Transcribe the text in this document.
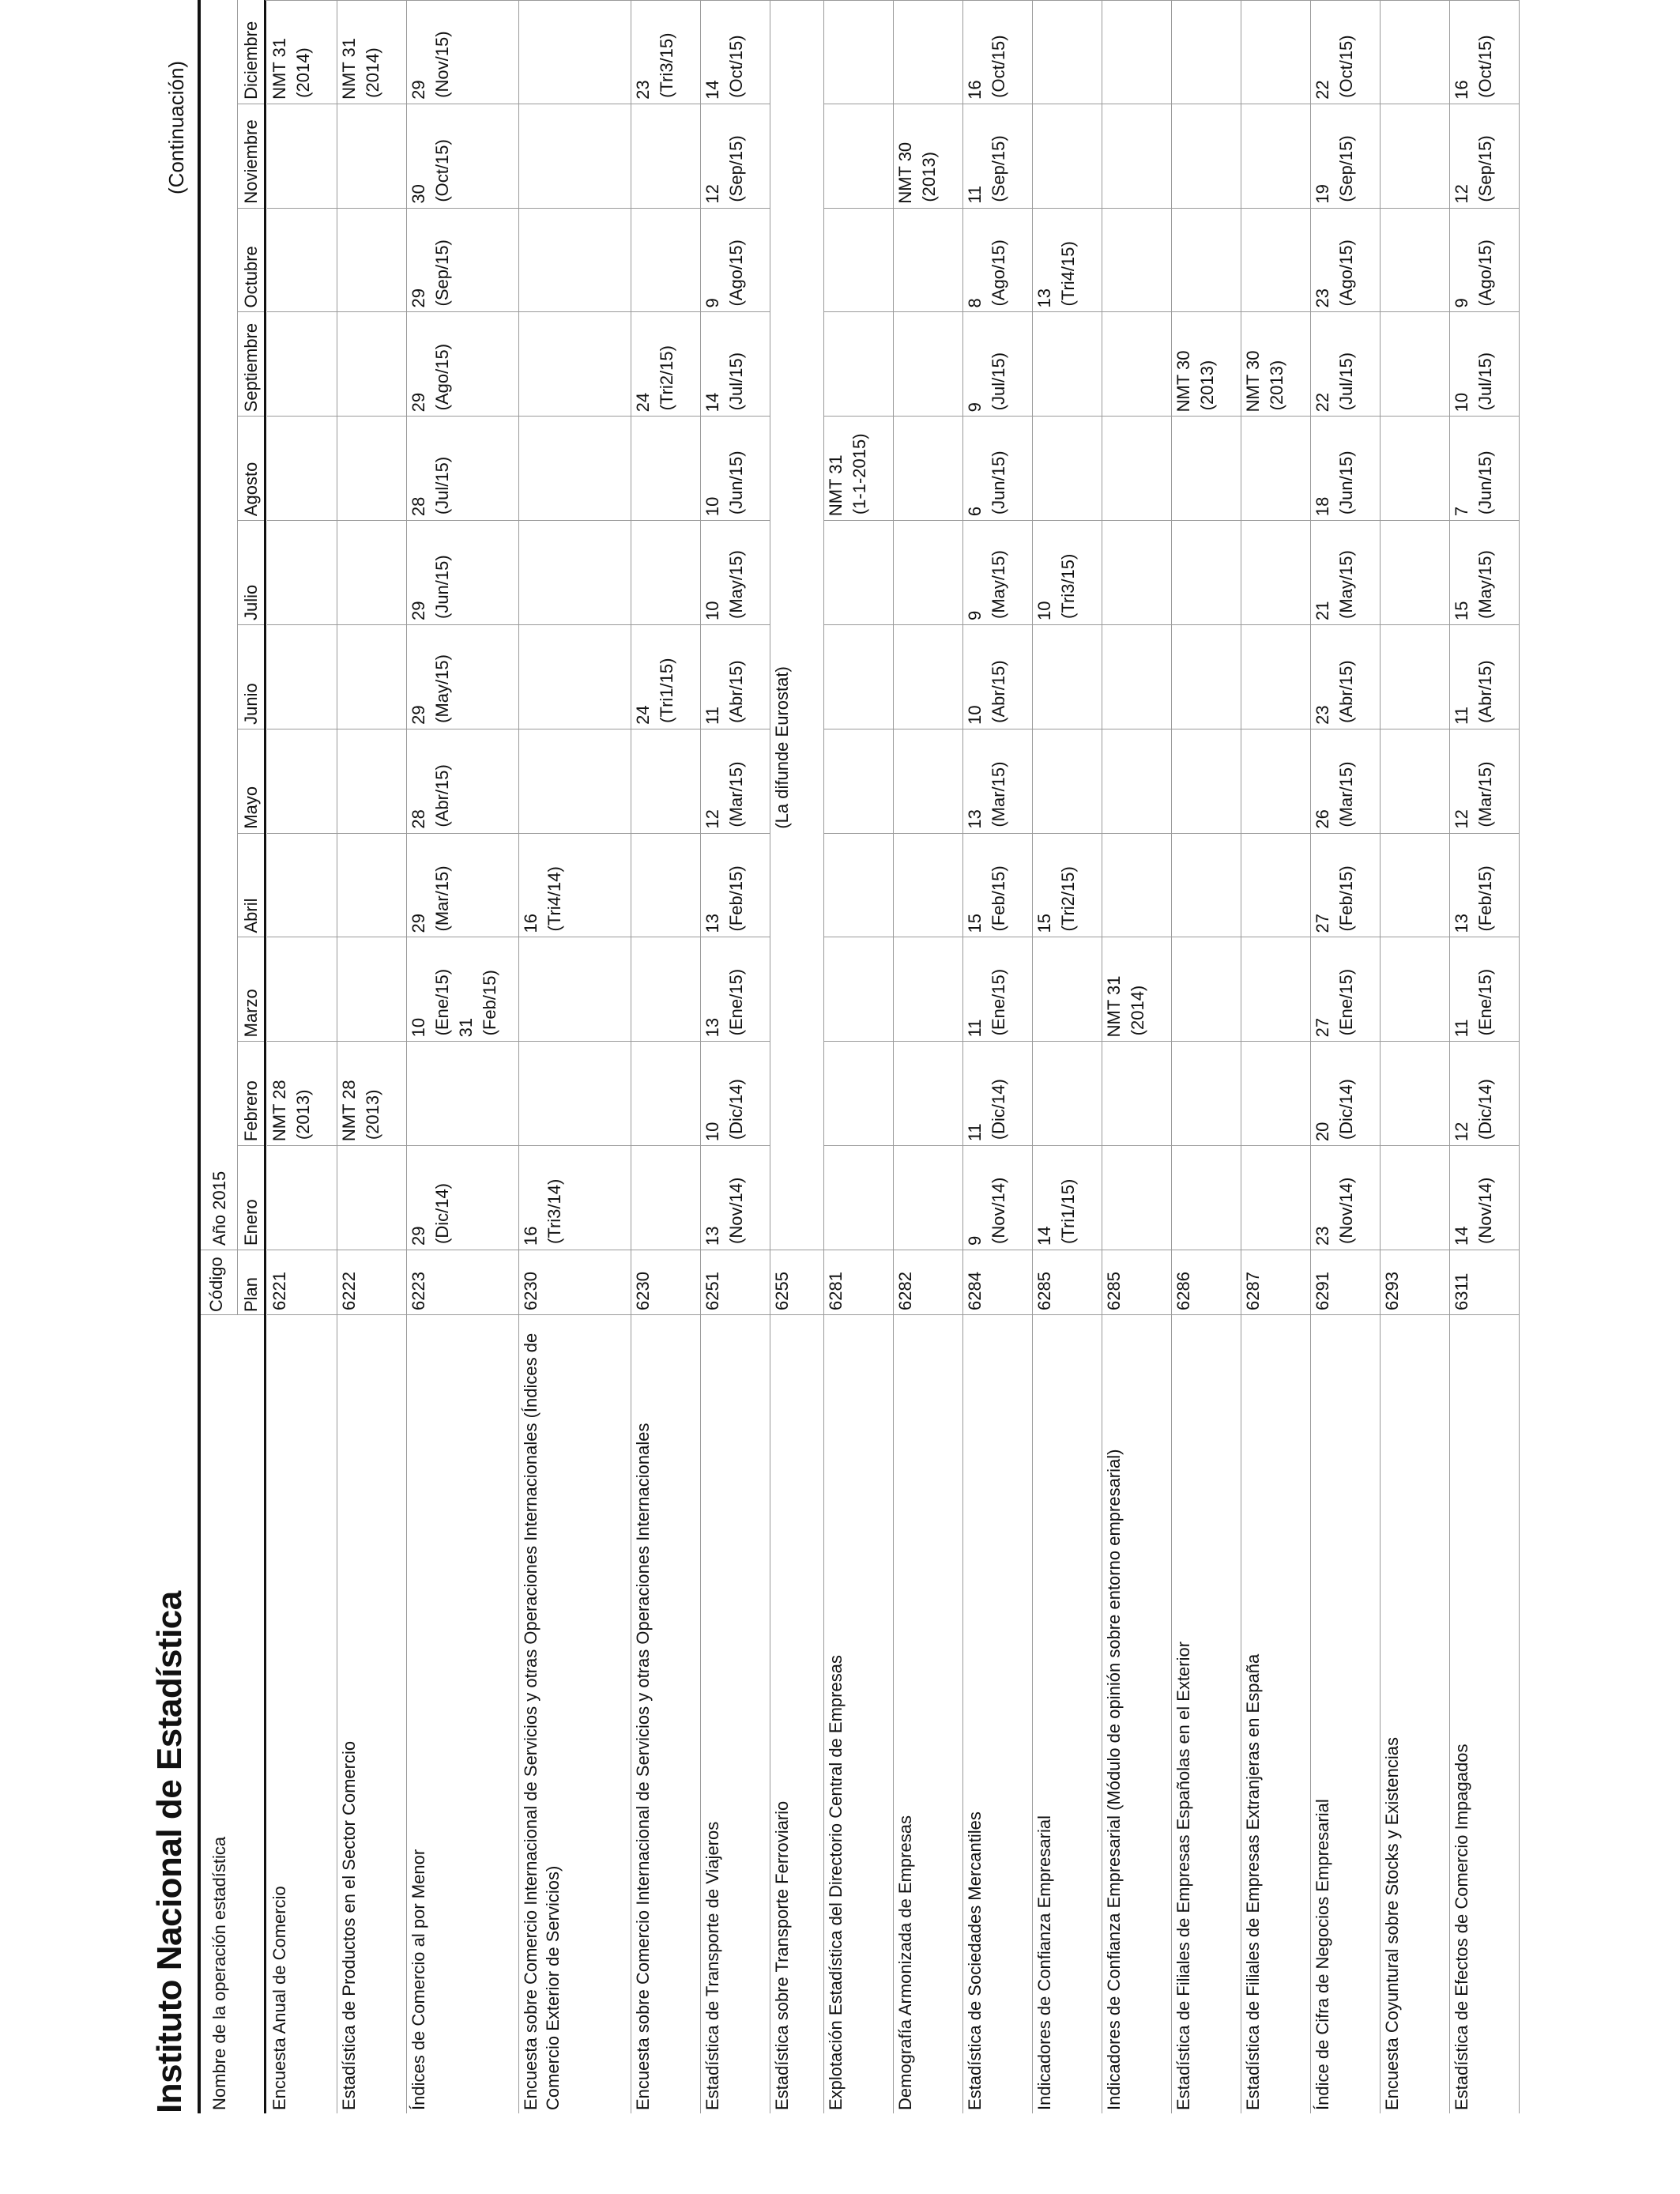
Instituto Nacional de Estadística
(Continuación)
Nombre de la operación estadística
Código Plan
Año 2015 Enero
Febrero
Marzo
Abril
Mayo
Junio
Julio
Agosto
Septiembre
Octubre
Noviembre
Diciembre
Encuesta Anual de Comercio
6221
NMT 28 (2013)
NMT 31 (2014)
Estadística de Productos en el Sector Comercio
6222
NMT 28 (2013)
NMT 31 (2014)
Índices de Comercio al por Menor
6223
29 (Dic/14)
10 (Ene/15) 31 (Feb/15)
29 (Mar/15)
28 (Abr/15)
29 (May/15)
29 (Jun/15)
28 (Jul/15)
29 (Ago/15)
29 (Sep/15)
30 (Oct/15)
29 (Nov/15)
Encuesta sobre Comercio Internacional de Servicios y otras Operaciones Internacionales (Índices de Comercio Exterior de Servicios)
6230
16 (Tri3/14)
16 (Tri4/14)
Encuesta sobre Comercio Internacional de Servicios y otras Operaciones Internacionales
6230
24 (Tri1/15)
24 (Tri2/15)
23 (Tri3/15)
Estadística de Transporte de Viajeros
6251
13 (Nov/14)
10 (Dic/14)
13 (Ene/15)
13 (Feb/15)
12 (Mar/15)
11 (Abr/15)
10 (May/15)
10 (Jun/15)
14 (Jul/15)
9 (Ago/15)
12 (Sep/15)
14 (Oct/15)
Estadística sobre Transporte Ferroviario
6255
(La difunde Eurostat)
Explotación Estadística del Directorio Central de Empresas
6281
NMT 31 (1-1-2015)
Demografía Armonizada de Empresas
6282
NMT 30 (2013)
Estadística de Sociedades Mercantiles
6284
9 (Nov/14)
11 (Dic/14)
11 (Ene/15)
15 (Feb/15)
13 (Mar/15)
10 (Abr/15)
9 (May/15)
6 (Jun/15)
9 (Jul/15)
8 (Ago/15)
11 (Sep/15)
16 (Oct/15)
Indicadores de Confianza Empresarial
6285
14 (Tri1/15)
15 (Tri2/15)
10 (Tri3/15)
13 (Tri4/15)
Indicadores de Confianza Empresarial (Módulo de opinión sobre entorno empresarial)
6285
NMT 31 (2014)
Estadística de Filiales de Empresas Españolas en el Exterior
6286
NMT 30 (2013)
Estadística de Filiales de Empresas Extranjeras en España
6287
NMT 30 (2013)
Índice de Cifra de Negocios Empresarial
6291
23 (Nov/14)
20 (Dic/14)
27 (Ene/15)
27 (Feb/15)
26 (Mar/15)
23 (Abr/15)
21 (May/15)
18 (Jun/15)
22 (Jul/15)
23 (Ago/15)
19 (Sep/15)
22 (Oct/15)
Encuesta Coyuntural sobre Stocks y Existencias
6293
Estadística de Efectos de Comercio Impagados
6311
14 (Nov/14)
12 (Dic/14)
11 (Ene/15)
13 (Feb/15)
12 (Mar/15)
11 (Abr/15)
15 (May/15)
7 (Jun/15)
10 (Jul/15)
9 (Ago/15)
12 (Sep/15)
16 (Oct/15)
